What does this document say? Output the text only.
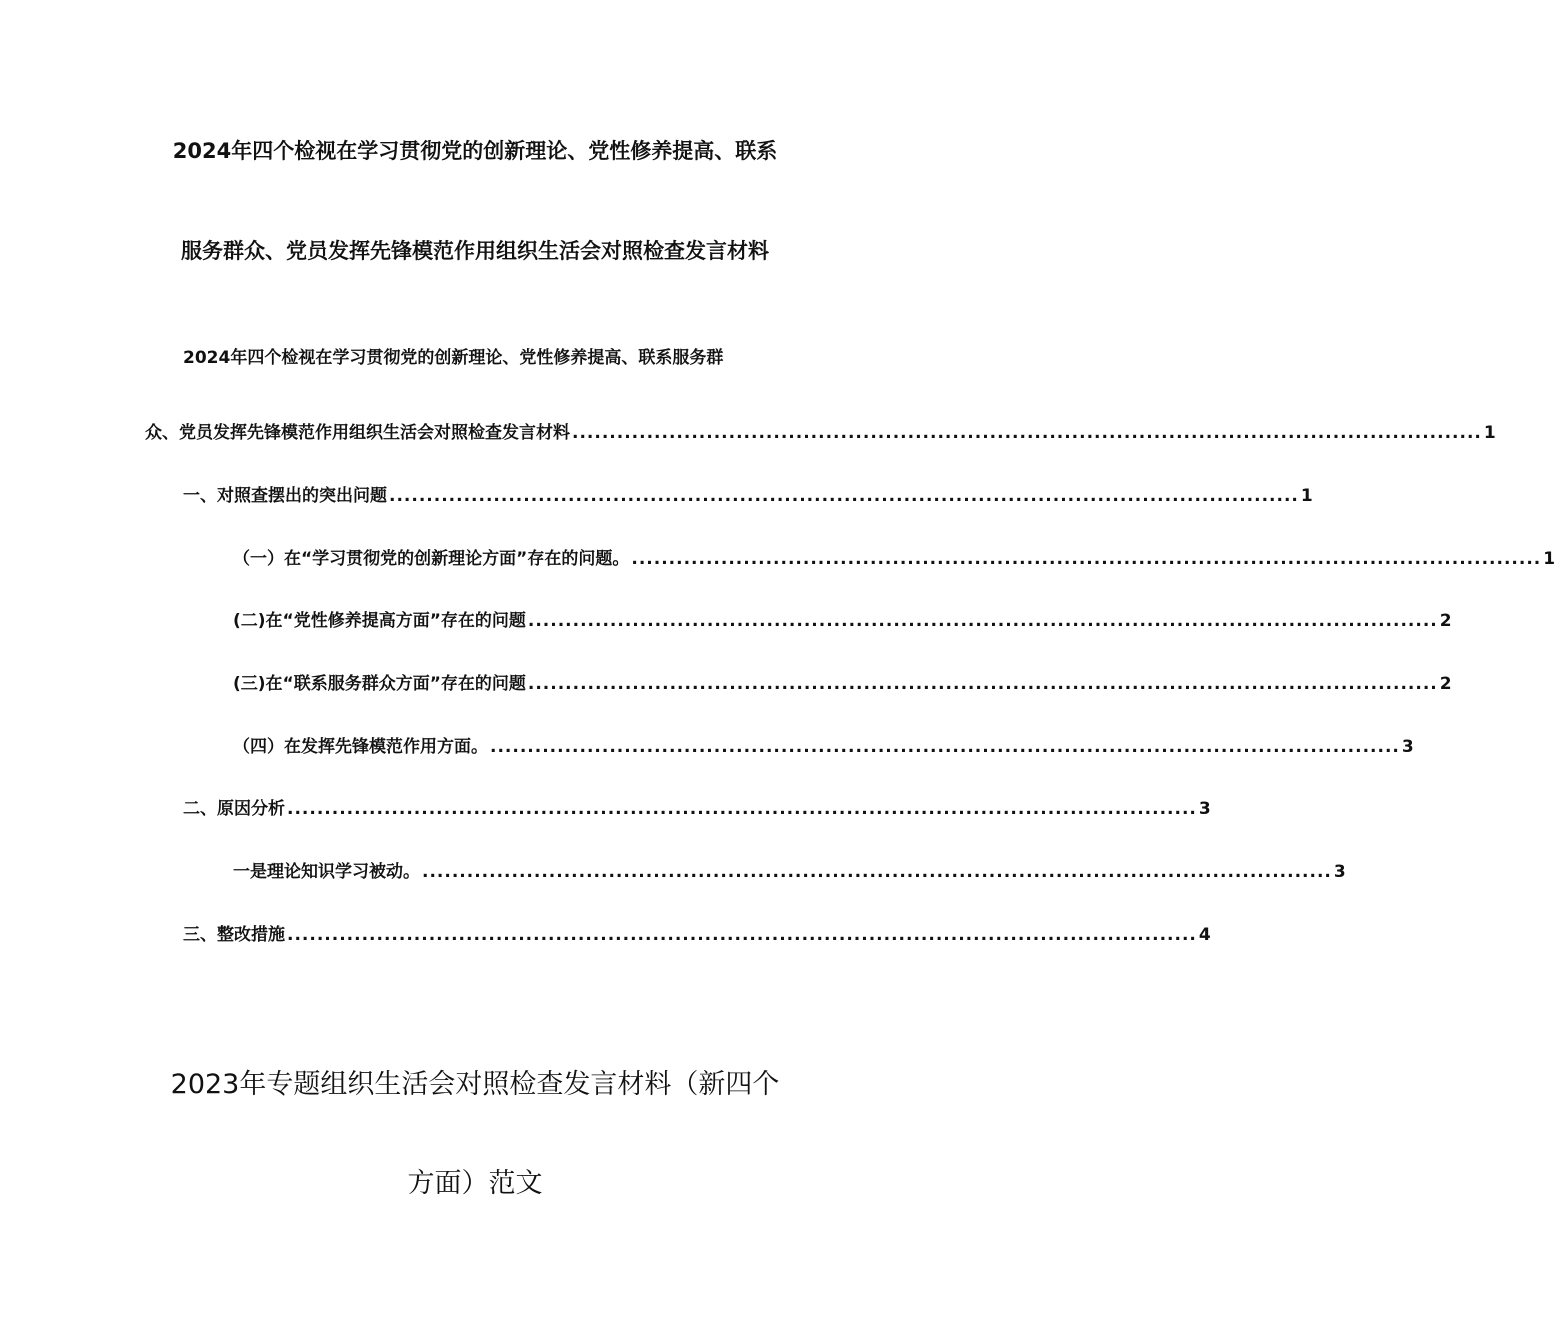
2024年四个检视在学习贯彻党的创新理论、党性修养提高、联系
服务群众、党员发挥先锋模范作用组织生活会对照检查发言材料
2024年四个检视在学习贯彻党的创新理论、党性修养提高、联系服务群
众、党员发挥先锋模范作用组织生活会对照检查发言材料 .......................................................................................................................... 1
一、对照查摆出的突出问题 .......................................................................................................................... 1
（一）在“学习贯彻党的创新理论方面”存在的问题。 .......................................................................................................................... 1
(二)在“党性修养提高方面”存在的问题 .......................................................................................................................... 2
(三)在“联系服务群众方面”存在的问题 .......................................................................................................................... 2
（四）在发挥先锋模范作用方面。 .......................................................................................................................... 3
二、原因分析 .......................................................................................................................... 3
一是理论知识学习被动。 .......................................................................................................................... 3
三、整改措施 .......................................................................................................................... 4
2023年专题组织生活会对照检查发言材料（新四个
方面）范文
